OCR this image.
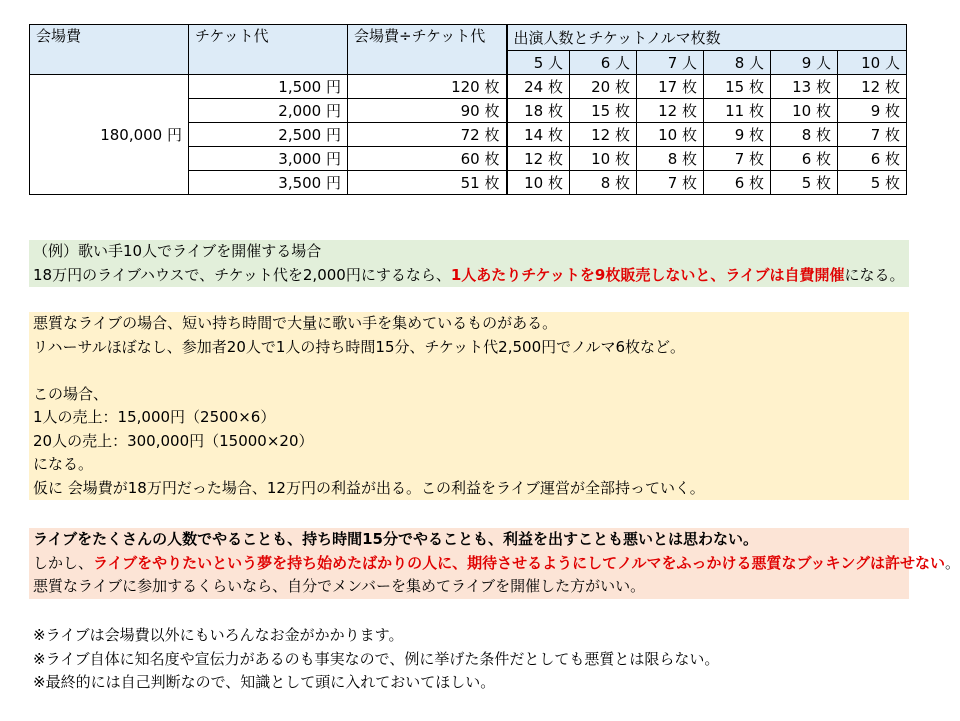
会場費	チケット代	会場費÷チケット代	出演人数とチケットノルマ枚数					
			5 人	6 人	7 人	8 人	9 人	10 人
180,000 円	1,500 円	120 枚	24 枚	20 枚	17 枚	15 枚	13 枚	12 枚
	2,000 円	90 枚	18 枚	15 枚	12 枚	11 枚	10 枚	9 枚
	2,500 円	72 枚	14 枚	12 枚	10 枚	9 枚	8 枚	7 枚
	3,000 円	60 枚	12 枚	10 枚	8 枚	7 枚	6 枚	6 枚
	3,500 円	51 枚	10 枚	8 枚	7 枚	6 枚	5 枚	5 枚

（例）歌い手10人でライブを開催する場合

18万円のライブハウスで、チケット代を2,000円にするなら、1人あたりチケットを9枚販売しないと、ライブは自費開催になる。

悪質なライブの場合、短い持ち時間で大量に歌い手を集めているものがある。

リハーサルほぼなし、参加者20人で1人の持ち時間15分、チケット代2,500円でノルマ6枚など。

この場合、

1人の売上：15,000円（2500×6）

20人の売上：300,000円（15000×20）

になる。

仮に 会場費が18万円だった場合、12万円の利益が出る。この利益をライブ運営が全部持っていく。

ライブをたくさんの人数でやることも、持ち時間15分でやることも、利益を出すことも悪いとは思わない。

しかし、ライブをやりたいという夢を持ち始めたばかりの人に、期待させるようにしてノルマをふっかける悪質なブッキングは許せない。

悪質なライブに参加するくらいなら、自分でメンバーを集めてライブを開催した方がいい。

※ライブは会場費以外にもいろんなお金がかかります。

※ライブ自体に知名度や宣伝力があるのも事実なので、例に挙げた条件だとしても悪質とは限らない。

※最終的には自己判断なので、知識として頭に入れておいてほしい。
